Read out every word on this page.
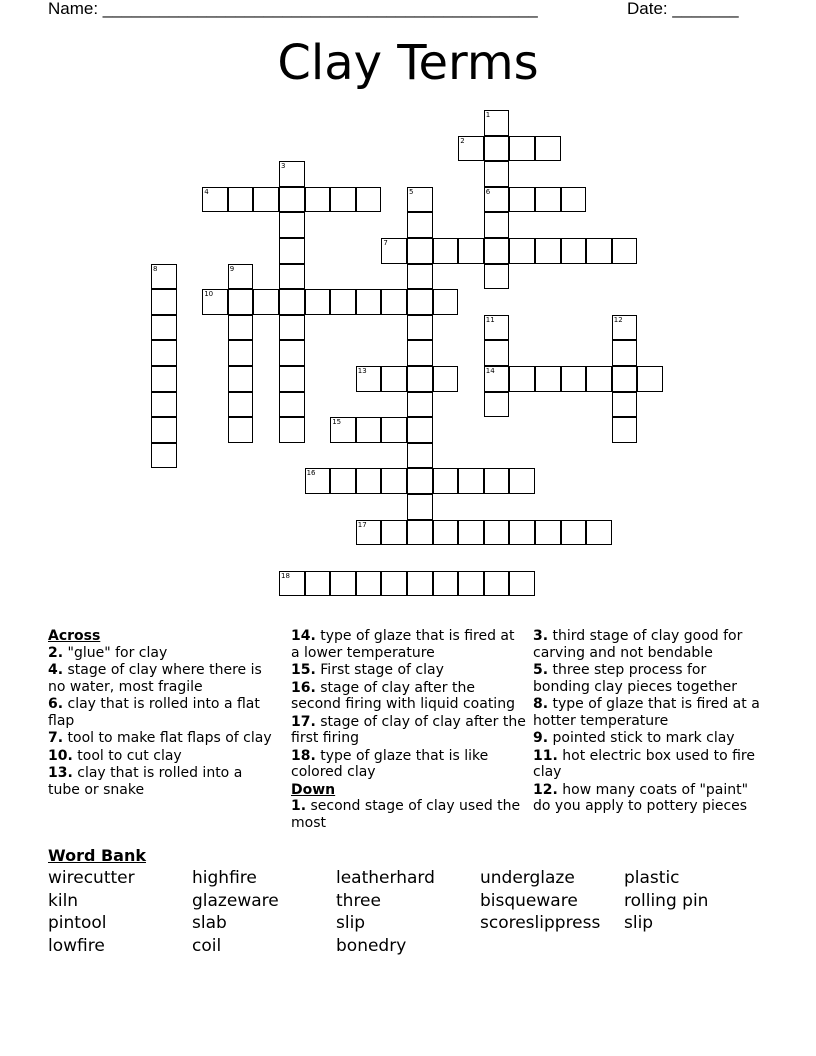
Name: ______________________________________________	Date: _______
Clay Terms
1
2
3
4	5	6
7
8	9
10
11	12
13	14
15
16
17
18
Across
2. "glue" for clay
4. stage of clay where there is no water, most fragile
6. clay that is rolled into a flat flap
7. tool to make flat flaps of clay
10. tool to cut clay
13. clay that is rolled into a tube or snake
14. type of glaze that is fired at a lower temperature
15. First stage of clay
16. stage of clay after the second firing with liquid coating
17. stage of clay of clay after the first firing
18. type of glaze that is like colored clay
Down
1. second stage of clay used the most
3. third stage of clay good for carving and not bendable
5. three step process for bonding clay pieces together
8. type of glaze that is fired at a hotter temperature
9. pointed stick to mark clay
11. hot electric box used to fire clay
12. how many coats of "paint" do you apply to pottery pieces
Word Bank
wirecutter	highfire	leatherhard	underglaze	plastic
kiln	glazeware	three	bisqueware	rolling pin
pintool	slab	slip	scoreslippress	slip
lowfire	coil	bonedry
